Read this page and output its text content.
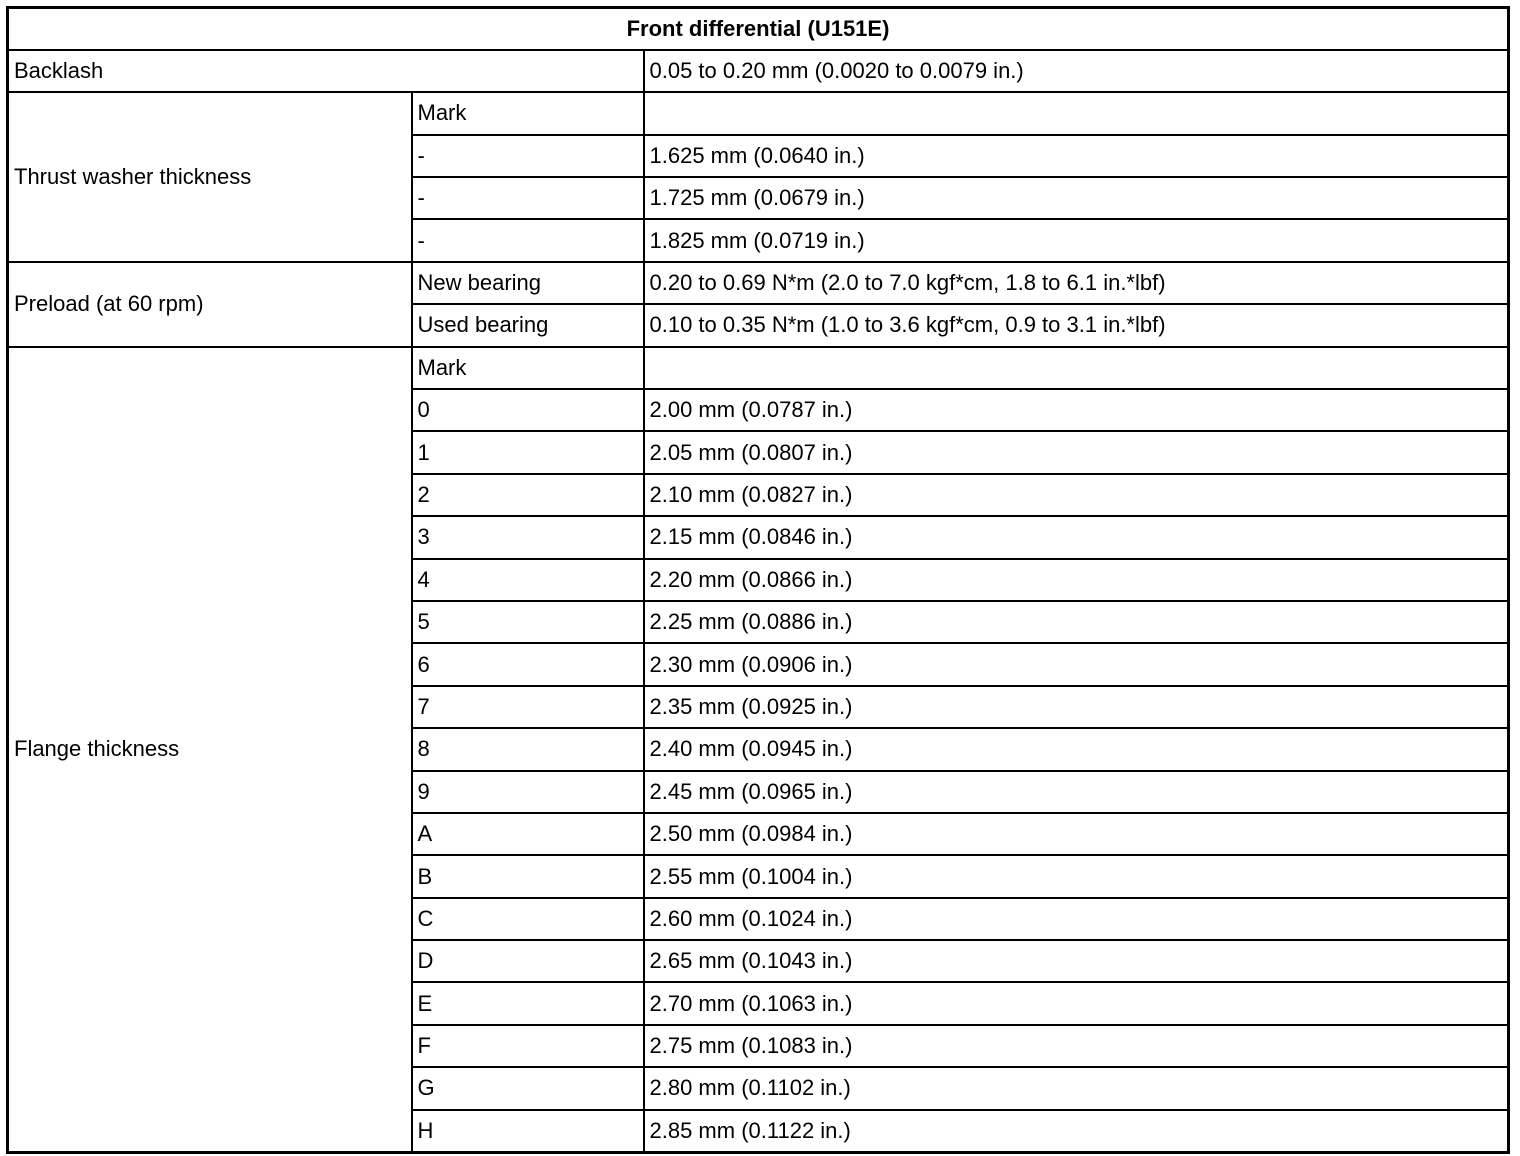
Front differential (U151E)		
Backlash		0.05 to 0.20 mm (0.0020 to 0.0079 in.)
Thrust washer thickness	Mark	
	-	1.625 mm (0.0640 in.)
	-	1.725 mm (0.0679 in.)
	-	1.825 mm (0.0719 in.)
Preload (at 60 rpm)	New bearing	0.20 to 0.69 N*m (2.0 to 7.0 kgf*cm, 1.8 to 6.1 in.*lbf)
	Used bearing	0.10 to 0.35 N*m (1.0 to 3.6 kgf*cm, 0.9 to 3.1 in.*lbf)
Flange thickness	Mark	
	0	2.00 mm (0.0787 in.)
	1	2.05 mm (0.0807 in.)
	2	2.10 mm (0.0827 in.)
	3	2.15 mm (0.0846 in.)
	4	2.20 mm (0.0866 in.)
	5	2.25 mm (0.0886 in.)
	6	2.30 mm (0.0906 in.)
	7	2.35 mm (0.0925 in.)
	8	2.40 mm (0.0945 in.)
	9	2.45 mm (0.0965 in.)
	A	2.50 mm (0.0984 in.)
	B	2.55 mm (0.1004 in.)
	C	2.60 mm (0.1024 in.)
	D	2.65 mm (0.1043 in.)
	E	2.70 mm (0.1063 in.)
	F	2.75 mm (0.1083 in.)
	G	2.80 mm (0.1102 in.)
	H	2.85 mm (0.1122 in.)
